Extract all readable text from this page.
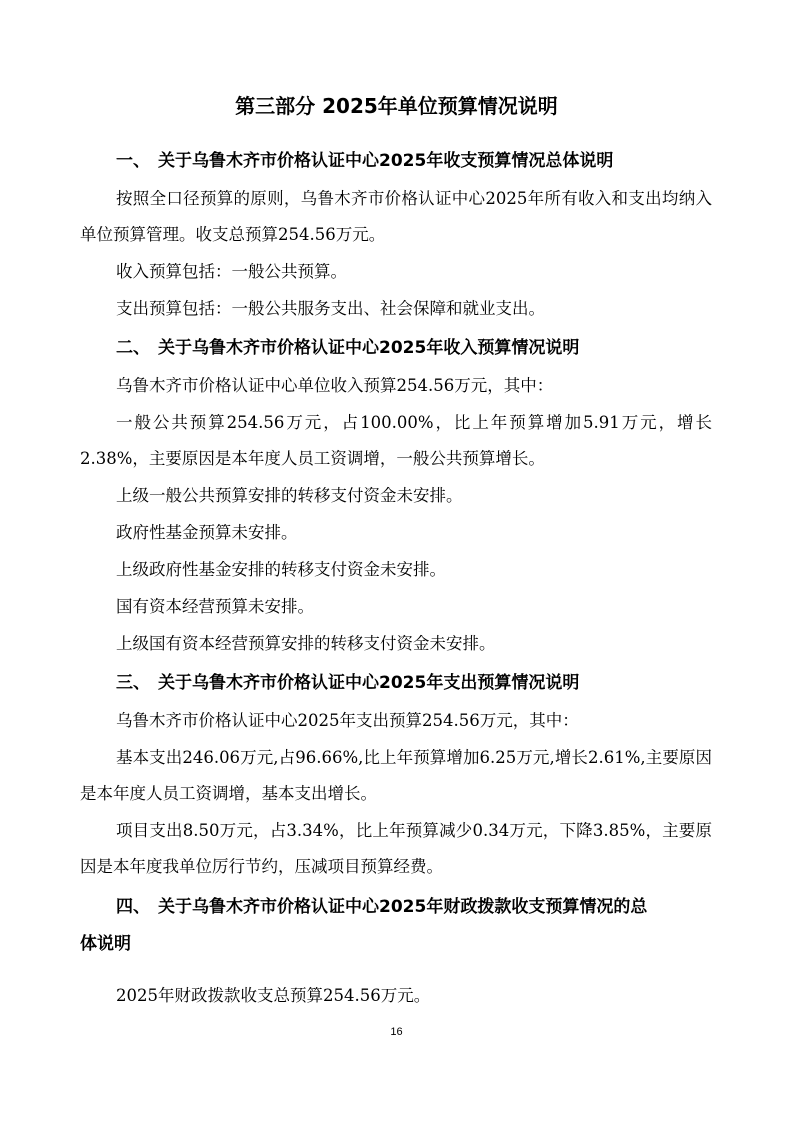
第三部分 2025年单位预算情况说明
一、 关于乌鲁木齐市价格认证中心2025年收支预算情况总体说明
按照全口径预算的原则，乌鲁木齐市价格认证中心2025年所有收入和支出均纳入单位预算管理。收支总预算254.56万元。
收入预算包括：一般公共预算。
支出预算包括：一般公共服务支出、社会保障和就业支出。
二、 关于乌鲁木齐市价格认证中心2025年收入预算情况说明
乌鲁木齐市价格认证中心单位收入预算254.56万元，其中：
一般公共预算254.56万元，占100.00%，比上年预算增加5.91万元，增长2.38%，主要原因是本年度人员工资调增，一般公共预算增长。
上级一般公共预算安排的转移支付资金未安排。
政府性基金预算未安排。
上级政府性基金安排的转移支付资金未安排。
国有资本经营预算未安排。
上级国有资本经营预算安排的转移支付资金未安排。
三、 关于乌鲁木齐市价格认证中心2025年支出预算情况说明
乌鲁木齐市价格认证中心2025年支出预算254.56万元，其中：
基本支出246.06万元,占96.66%,比上年预算增加6.25万元,增长2.61%,主要原因是本年度人员工资调增，基本支出增长。
项目支出8.50万元，占3.34%，比上年预算减少0.34万元，下降3.85%，主要原因是本年度我单位厉行节约，压减项目预算经费。
四、 关于乌鲁木齐市价格认证中心2025年财政拨款收支预算情况的总
体说明
2025年财政拨款收支总预算254.56万元。
16
